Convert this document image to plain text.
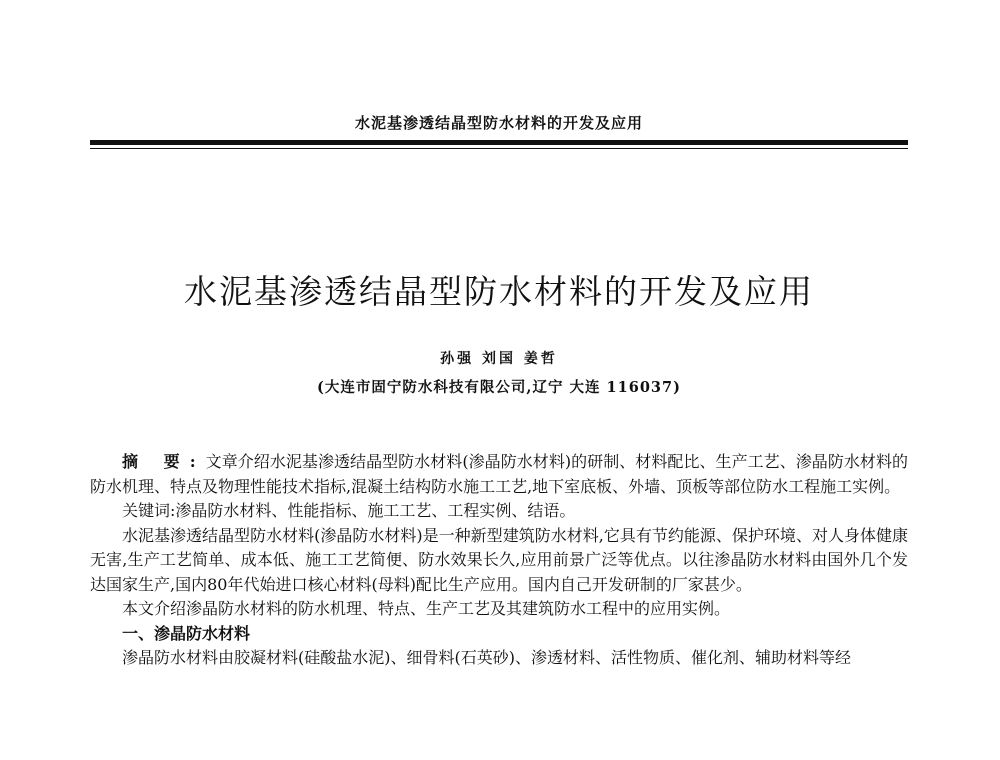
水泥基渗透结晶型防水材料的开发及应用
水泥基渗透结晶型防水材料的开发及应用
孙强 刘国 姜哲
(大连市固宁防水科技有限公司,辽宁 大连 116037)

摘 要:文章介绍水泥基渗透结晶型防水材料(渗晶防水材料)的研制、材料配比、生产工艺、渗晶防水材料的防水机理、特点及物理性能技术指标,混凝土结构防水施工工艺,地下室底板、外墙、顶板等部位防水工程施工实例。

关键词:渗晶防水材料、性能指标、施工工艺、工程实例、结语。

水泥基渗透结晶型防水材料(渗晶防水材料)是一种新型建筑防水材料,它具有节约能源、保护环境、对人身体健康无害,生产工艺简单、成本低、施工工艺简便、防水效果长久,应用前景广泛等优点。以往渗晶防水材料由国外几个发达国家生产,国内80年代始进口核心材料(母料)配比生产应用。国内自己开发研制的厂家甚少。

本文介绍渗晶防水材料的防水机理、特点、生产工艺及其建筑防水工程中的应用实例。

一、渗晶防水材料

渗晶防水材料由胶凝材料(硅酸盐水泥)、细骨料(石英砂)、渗透材料、活性物质、催化剂、辅助材料等经
